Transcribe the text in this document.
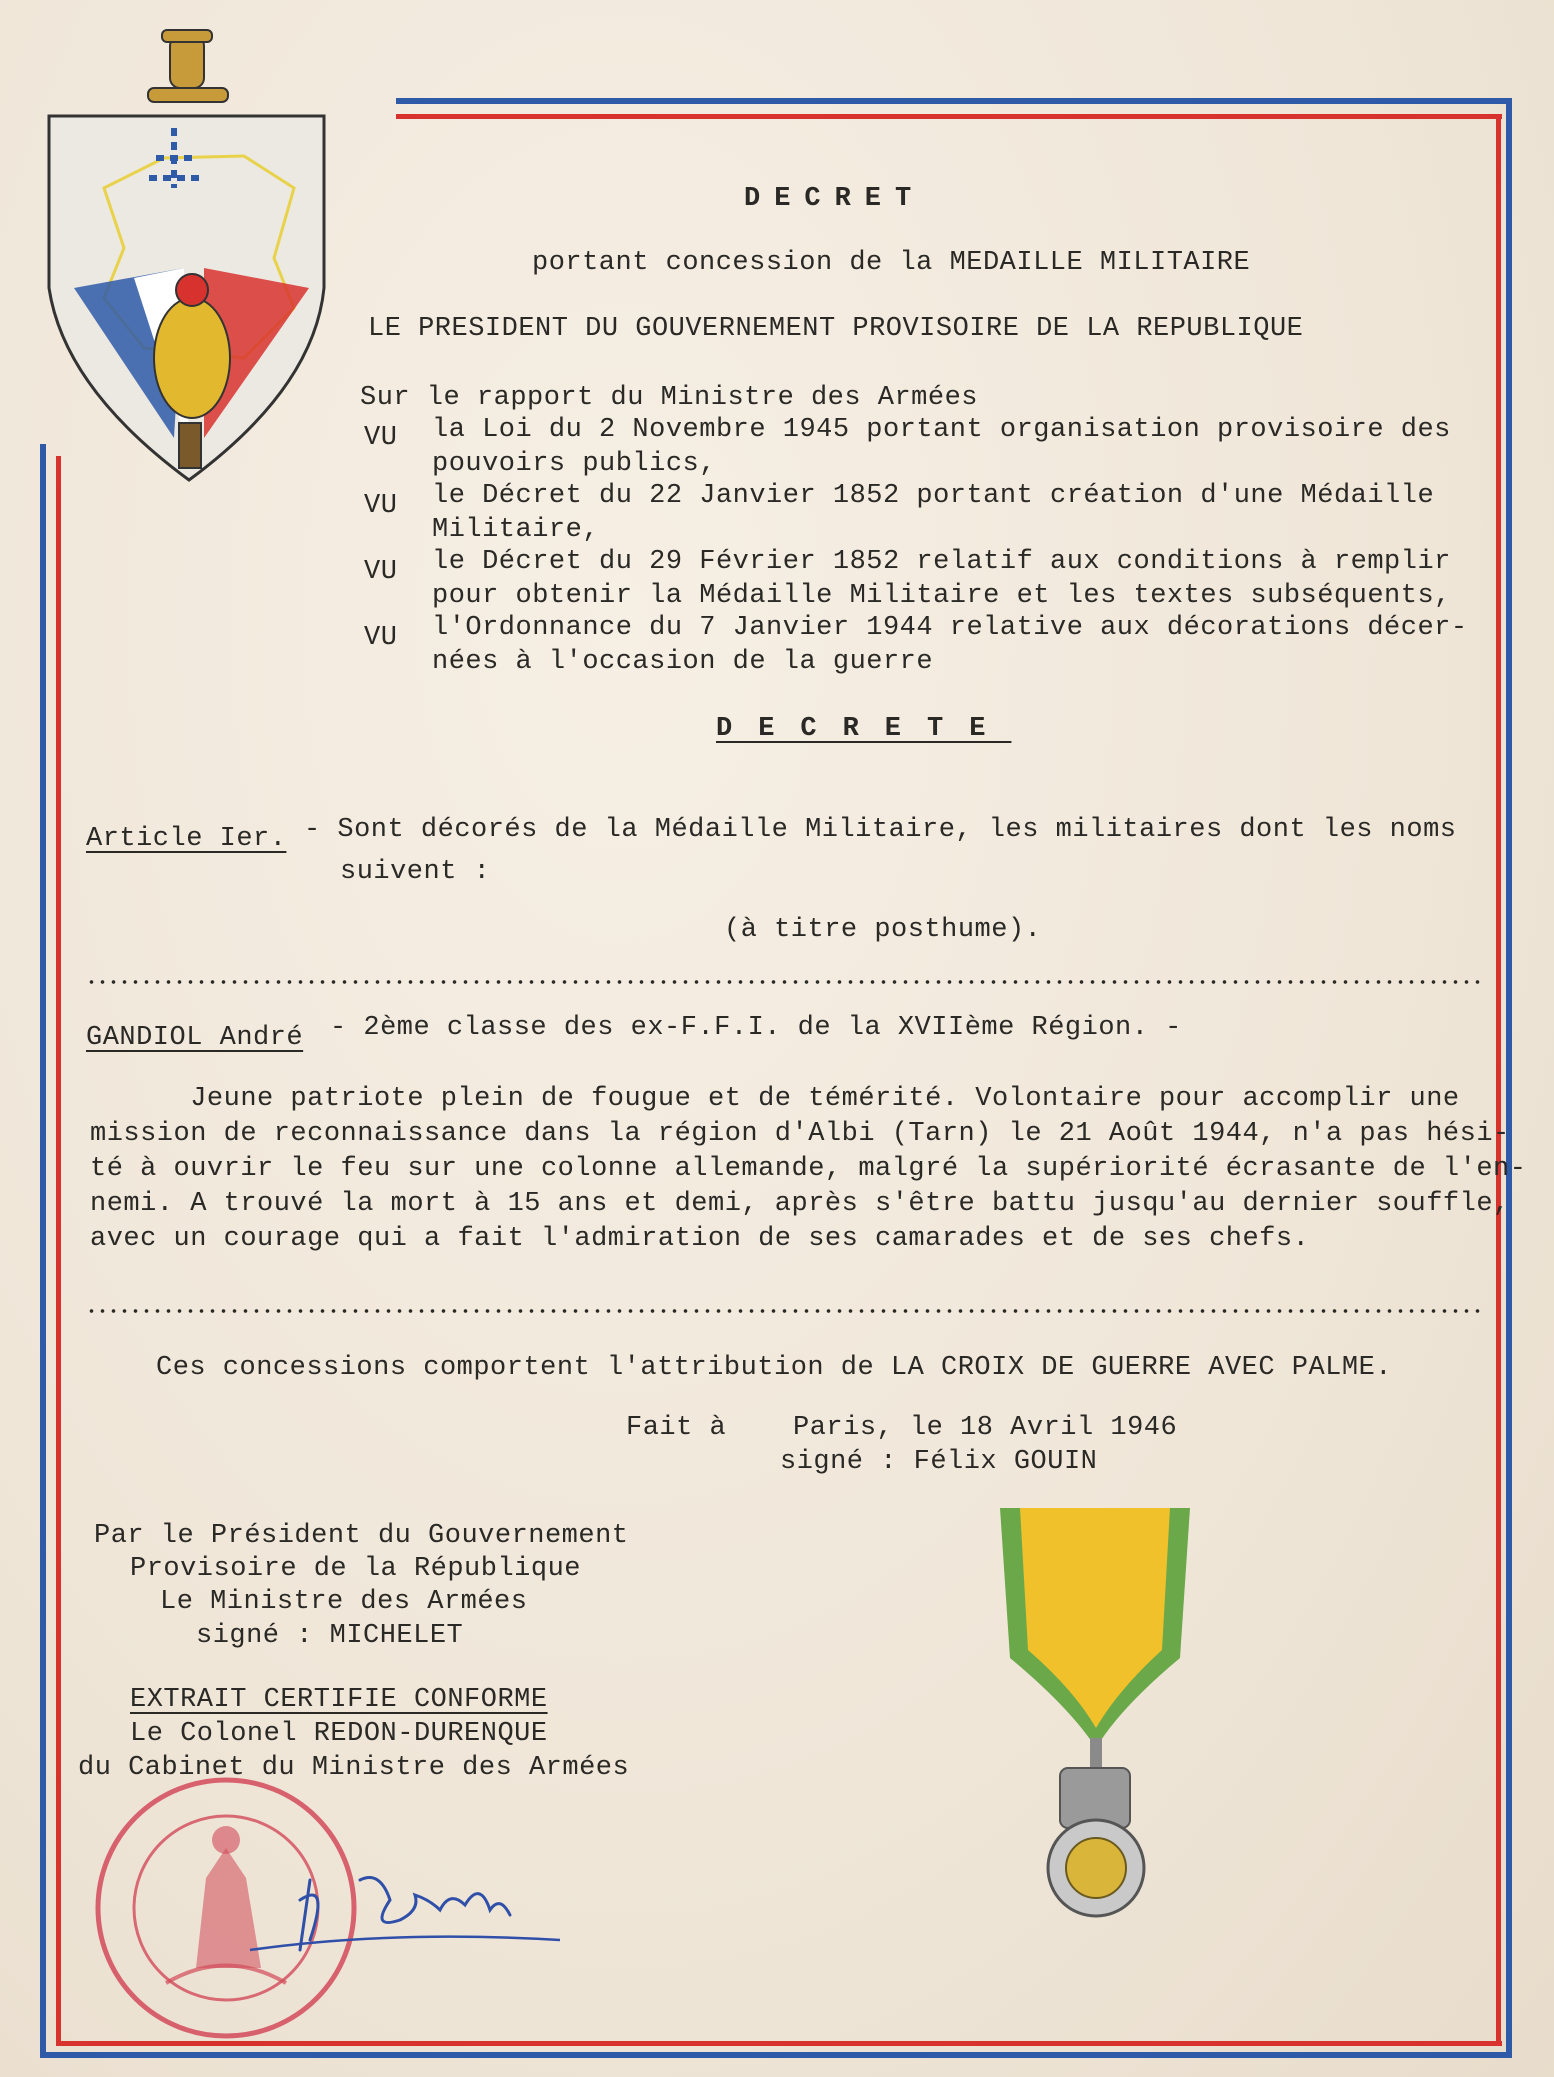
DECRET
portant concession de la MEDAILLE MILITAIRE
LE PRESIDENT DU GOUVERNEMENT PROVISOIRE DE LA REPUBLIQUE
Sur le rapport du Ministre des Armées
VU la Loi du 2 Novembre 1945 portant organisation provisoire des
pouvoirs publics,
VU le Décret du 22 Janvier 1852 portant création d'une Médaille
Militaire,
VU le Décret du 29 Février 1852 relatif aux conditions à remplir
pour obtenir la Médaille Militaire et les textes subséquents,
VU l'Ordonnance du 7 Janvier 1944 relative aux décorations décer-
nées à l'occasion de la guerre
DECRETE
Article Ier. - Sont décorés de la Médaille Militaire, les militaires dont les noms
suivent :
(à titre posthume).
GANDIOL André - 2ème classe des ex-F.F.I. de la XVIIème Région. -
Jeune patriote plein de fougue et de témérité. Volontaire pour accomplir une
mission de reconnaissance dans la région d'Albi (Tarn) le 21 Août 1944, n'a pas hési-
té à ouvrir le feu sur une colonne allemande, malgré la supériorité écrasante de l'en-
nemi. A trouvé la mort à 15 ans et demi, après s'être battu jusqu'au dernier souffle,
avec un courage qui a fait l'admiration de ses camarades et de ses chefs.
Ces concessions comportent l'attribution de LA CROIX DE GUERRE AVEC PALME.
Fait à    Paris, le 18 Avril 1946
signé : Félix GOUIN
Par le Président du Gouvernement
Provisoire de la République
Le Ministre des Armées
signé : MICHELET
EXTRAIT CERTIFIE CONFORME
Le Colonel REDON-DURENQUE
du Cabinet du Ministre des Armées
